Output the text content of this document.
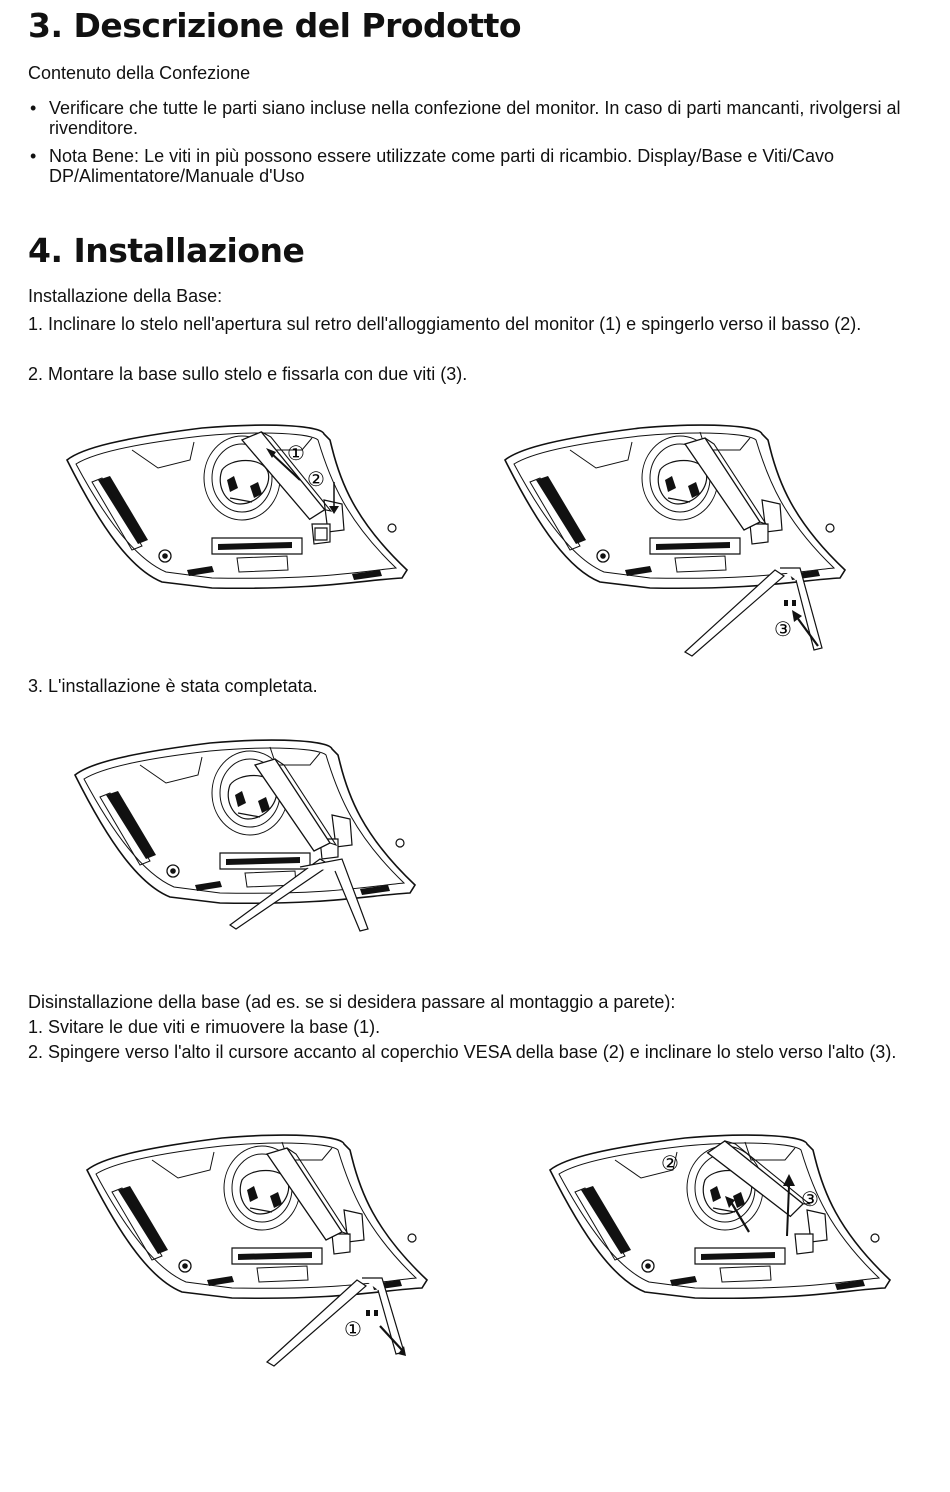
3. Descrizione del Prodotto

Contenuto della Confezione

• Verificare che tutte le parti siano incluse nella confezione del monitor. In caso di parti mancanti, rivolgersi al rivenditore.
• Nota Bene: Le viti in più possono essere utilizzate come parti di ricambio. Display/Base e Viti/Cavo DP/Alimentatore/Manuale d'Uso
4. Installazione

Installazione della Base:

1. Inclinare lo stelo nell'apertura sul retro dell'alloggiamento del monitor (1) e spingerlo verso il basso (2).

2. Montare la base sullo stelo e fissarla con due viti (3).

①
②
③

3. L'installazione è stata completata.

Disinstallazione della base (ad es. se si desidera passare al montaggio a parete):

1. Svitare le due viti e rimuovere la base (1).

2. Spingere verso l'alto il cursore accanto al coperchio VESA della base (2) e inclinare lo stelo verso l'alto (3).

①
②
③
